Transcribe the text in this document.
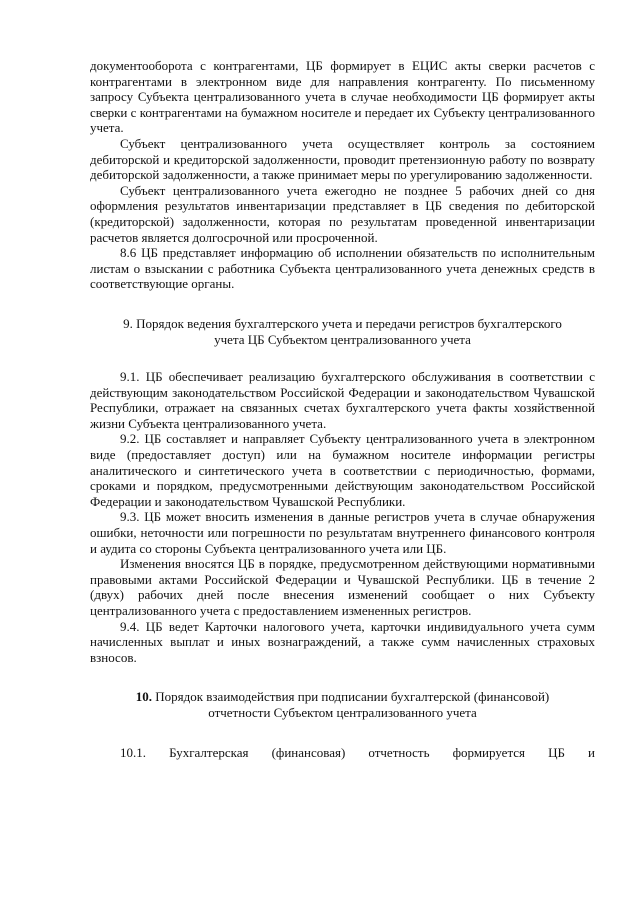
документооборота с контрагентами, ЦБ формирует в ЕЦИС акты сверки расчетов с контрагентами в электронном виде для направления контрагенту. По письменному запросу Субъекта централизованного учета в случае необходимости ЦБ формирует акты сверки с контрагентами на бумажном носителе и передает их Субъекту централизованного учета.

Субъект централизованного учета осуществляет контроль за состоянием дебиторской и кредиторской задолженности, проводит претензионную работу по возврату дебиторской задолженности, а также принимает меры по урегулированию задолженности.

Субъект централизованного учета ежегодно не позднее 5 рабочих дней со дня оформления результатов инвентаризации представляет в ЦБ сведения по дебиторской (кредиторской) задолженности, которая по результатам проведенной инвентаризации расчетов является долгосрочной или просроченной.

8.6 ЦБ представляет информацию об исполнении обязательств по исполнительным листам о взыскании с работника Субъекта централизованного учета денежных средств в соответствующие органы.

9. Порядок ведения бухгалтерского учета и передачи регистров бухгалтерского
учета ЦБ Субъектом централизованного учета

9.1. ЦБ обеспечивает реализацию бухгалтерского обслуживания в соответствии с действующим законодательством Российской Федерации и законодательством Чувашской Республики, отражает на связанных счетах бухгалтерского учета факты хозяйственной жизни Субъекта централизованного учета.

9.2. ЦБ составляет и направляет Субъекту централизованного учета в электронном виде (предоставляет доступ) или на бумажном носителе информации регистры аналитического и синтетического учета в соответствии с периодичностью, формами, сроками и порядком, предусмотренными действующим законодательством Российской Федерации и законодательством Чувашской Республики.

9.3. ЦБ может вносить изменения в данные регистров учета в случае обнаружения ошибки, неточности или погрешности по результатам внутреннего финансового контроля и аудита со стороны Субъекта централизованного учета или ЦБ.

Изменения вносятся ЦБ в порядке, предусмотренном действующими нормативными правовыми актами Российской Федерации и Чувашской Республики. ЦБ в течение 2 (двух) рабочих дней после внесения изменений сообщает о них Субъекту централизованного учета с предоставлением измененных регистров.

9.4. ЦБ ведет Карточки налогового учета, карточки индивидуального учета сумм начисленных выплат и иных вознаграждений, а также сумм начисленных страховых взносов.

10. Порядок взаимодействия при подписании бухгалтерской (финансовой)
отчетности Субъектом централизованного учета

10.1. Бухгалтерская (финансовая) отчетность формируется ЦБ и
